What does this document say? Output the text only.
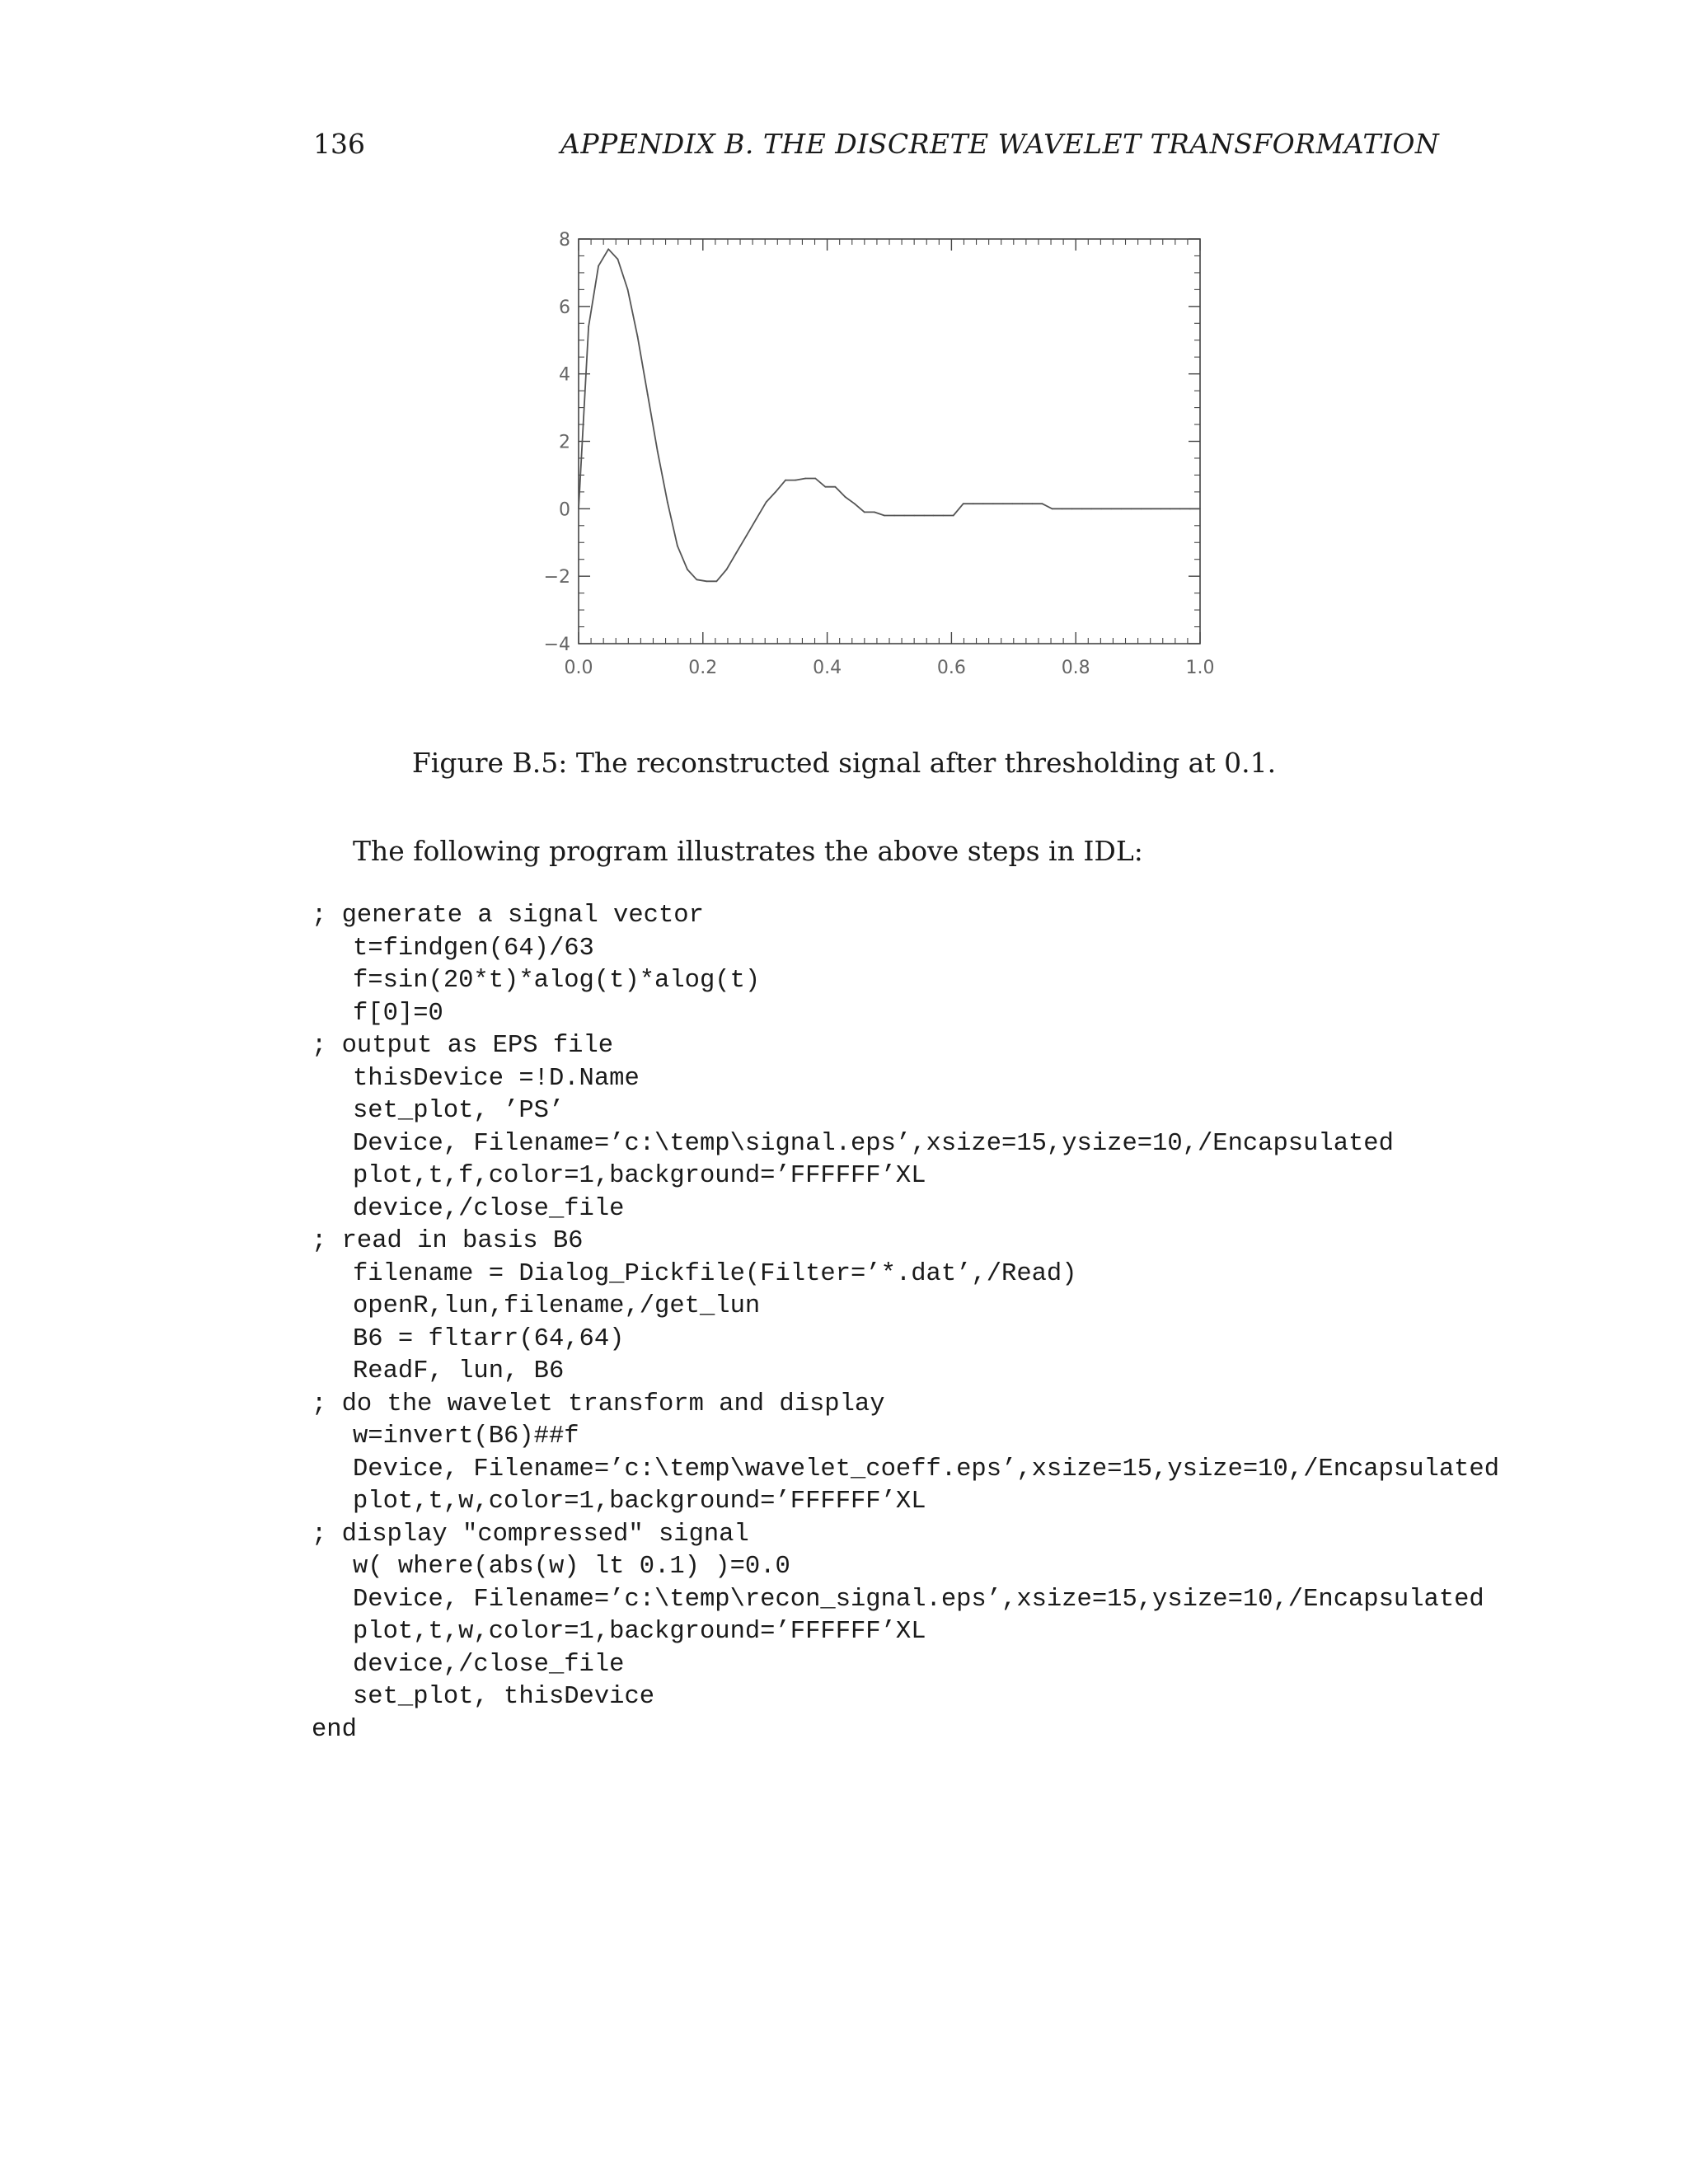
136	APPENDIX B. THE DISCRETE WAVELET TRANSFORMATION
0.0	0.2	0.4	0.6	0.8	1.0
8
6
4
2
0
−2
−4
Figure B.5: The reconstructed signal after thresholding at 0.1.
The following program illustrates the above steps in IDL:
; generate a signal vector
t=findgen(64)/63
f=sin(20*t)*alog(t)*alog(t)
f[0]=0
; output as EPS file
thisDevice =!D.Name
set_plot, ’PS’
Device, Filename=’c:\temp\signal.eps’,xsize=15,ysize=10,/Encapsulated
plot,t,f,color=1,background=’FFFFFF’XL
device,/close_file
; read in basis B6
filename = Dialog_Pickfile(Filter=’*.dat’,/Read)
openR,lun,filename,/get_lun
B6 = fltarr(64,64)
ReadF, lun, B6
; do the wavelet transform and display
w=invert(B6)##f
Device, Filename=’c:\temp\wavelet_coeff.eps’,xsize=15,ysize=10,/Encapsulated
plot,t,w,color=1,background=’FFFFFF’XL
; display "compressed" signal
w( where(abs(w) lt 0.1) )=0.0
Device, Filename=’c:\temp\recon_signal.eps’,xsize=15,ysize=10,/Encapsulated
plot,t,w,color=1,background=’FFFFFF’XL
device,/close_file
set_plot, thisDevice
end
